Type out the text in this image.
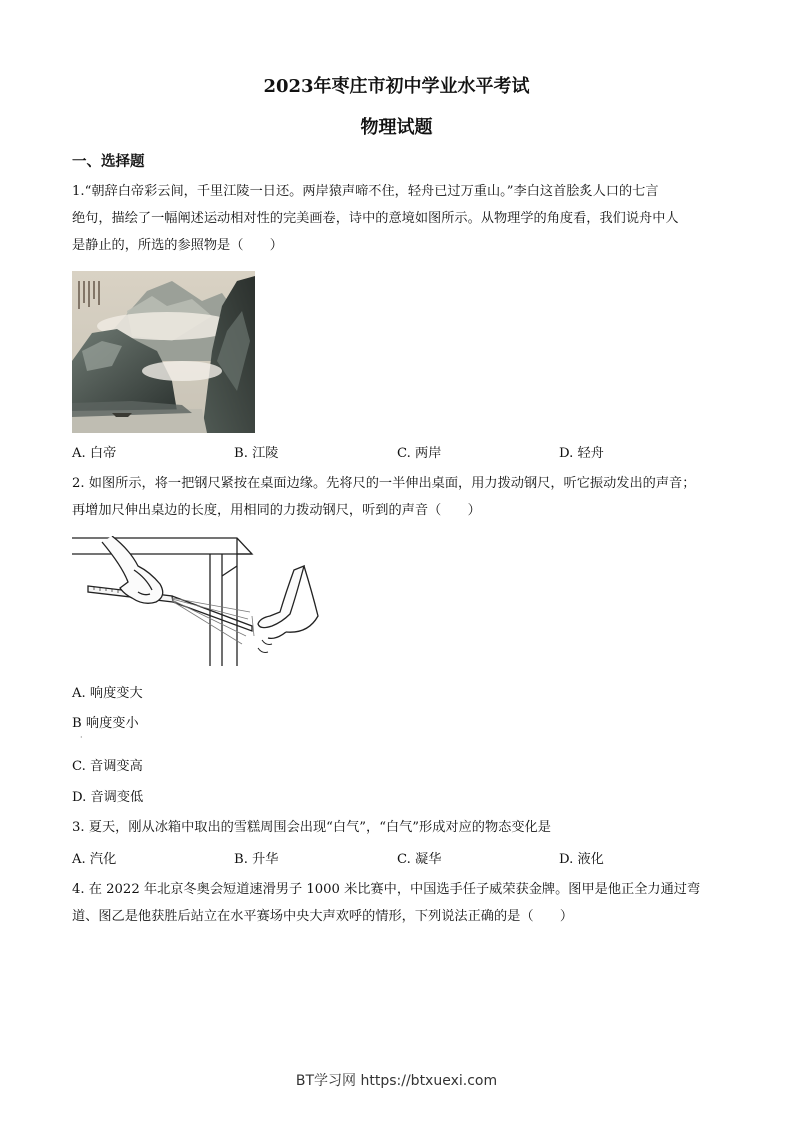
2023年枣庄市初中学业水平考试
物理试题
一、选择题
1.“朝辞白帝彩云间，千里江陵一日还。两岸猿声啼不住，轻舟已过万重山。”李白这首脍炙人口的七言
绝句，描绘了一幅阐述运动相对性的完美画卷，诗中的意境如图所示。从物理学的角度看，我们说舟中人
是静止的，所选的参照物是（　　）
A. 白帝	B. 江陵	C. 两岸	D. 轻舟
2. 如图所示，将一把钢尺紧按在桌面边缘。先将尺的一半伸出桌面，用力拨动钢尺，听它振动发出的声音；
再增加尺伸出桌边的长度，用相同的力拨动钢尺，听到的声音（　　）
A. 响度变大
B 响度变小
·
C. 音调变高
D. 音调变低
3. 夏天，刚从冰箱中取出的雪糕周围会出现“白气”，“白气”形成对应的物态变化是
A. 汽化	B. 升华	C. 凝华	D. 液化
4. 在 2022 年北京冬奥会短道速滑男子 1000 米比赛中，中国选手任子威荣获金牌。图甲是他正全力通过弯
道、图乙是他获胜后站立在水平赛场中央大声欢呼的情形，下列说法正确的是（　　）
BT学习网 https://btxuexi.com
